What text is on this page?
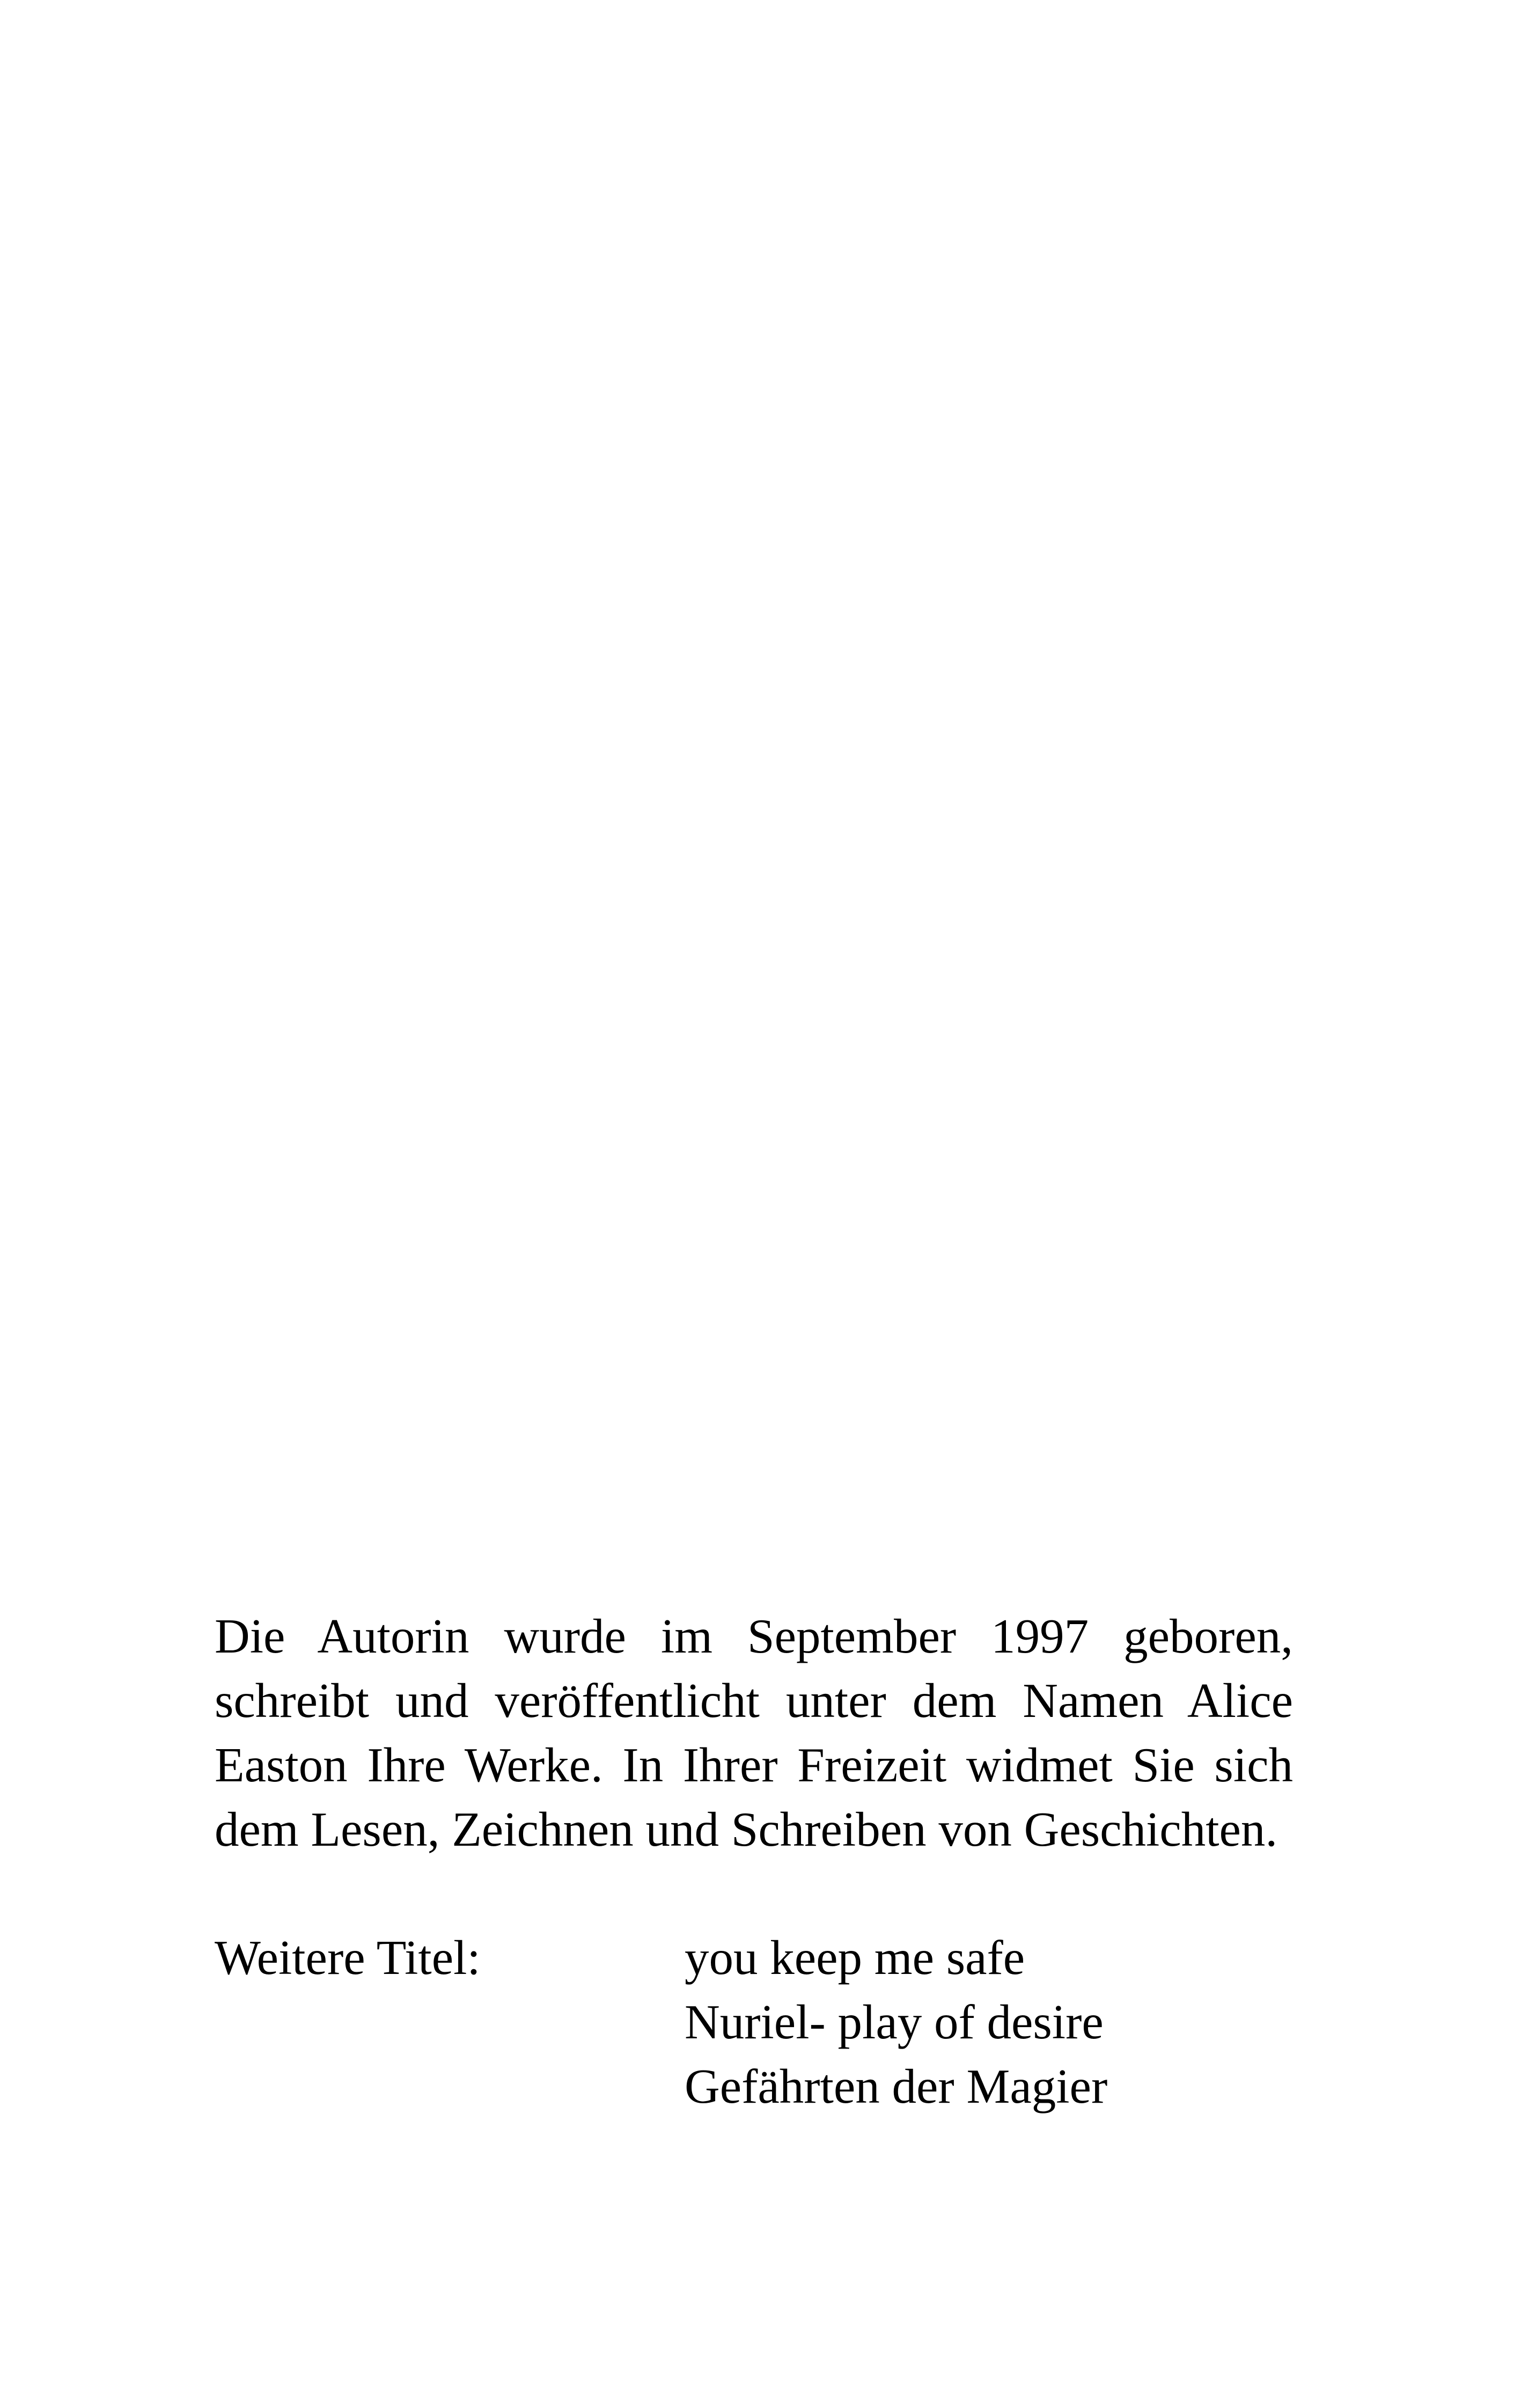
Die Autorin wurde im September 1997 geboren, schreibt und veröffentlicht unter dem Namen Alice Easton Ihre Werke. In Ihrer Freizeit widmet Sie sich dem Lesen, Zeichnen und Schreiben von Geschichten.

Weitere Titel:	you keep me safe
Nuriel- play of desire
Gefährten der Magier
